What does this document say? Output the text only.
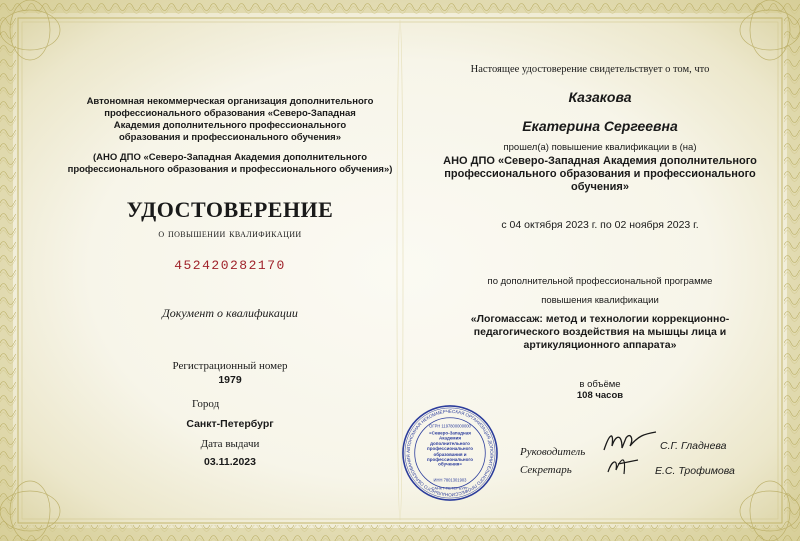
Автономная некоммерческая организация дополнительного профессионального образования «Северо-Западная Академия дополнительного профессионального образования и профессионального обучения»
(АНО ДПО «Северо-Западная Академия дополнительного профессионального образования и профессионального обучения»)
УДОСТОВЕРЕНИЕ
о повышении квалификации
452420282170
Документ о квалификации
Регистрационный номер
1979
Город
Санкт-Петербург
Дата выдачи
03.11.2023
Настоящее удостоверение свидетельствует о том, что
Казакова
Екатерина Сергеевна
прошел(а) повышение квалификации в (на)
АНО ДПО «Северо-Западная Академия дополнительного профессионального образования и профессионального обучения»
с 04 октября 2023 г. по 02 ноября 2023 г.
по дополнительной профессиональной программе
повышения квалификации
«Логомассаж: метод и технологии коррекционно-педагогического воздействия на мышцы лица и артикуляционного аппарата»
в объёме
108 часов
Руководитель	С.Г. Гладнева
Секретарь	Е.С. Трофимова
АВТОНОМНАЯ НЕКОММЕРЧЕСКАЯ ОРГАНИЗАЦИЯ ДОПОЛНИТЕЛЬНОГО ПРОФЕССИОНАЛЬНОГО ОБРАЗОВАНИЯ
ОГРН 1197800000000
«Северо-Западная Академия дополнительного профессионального образования и профессионального обучения»
ИНН 7801301903
САНКТ-ПЕТЕРБУРГ
